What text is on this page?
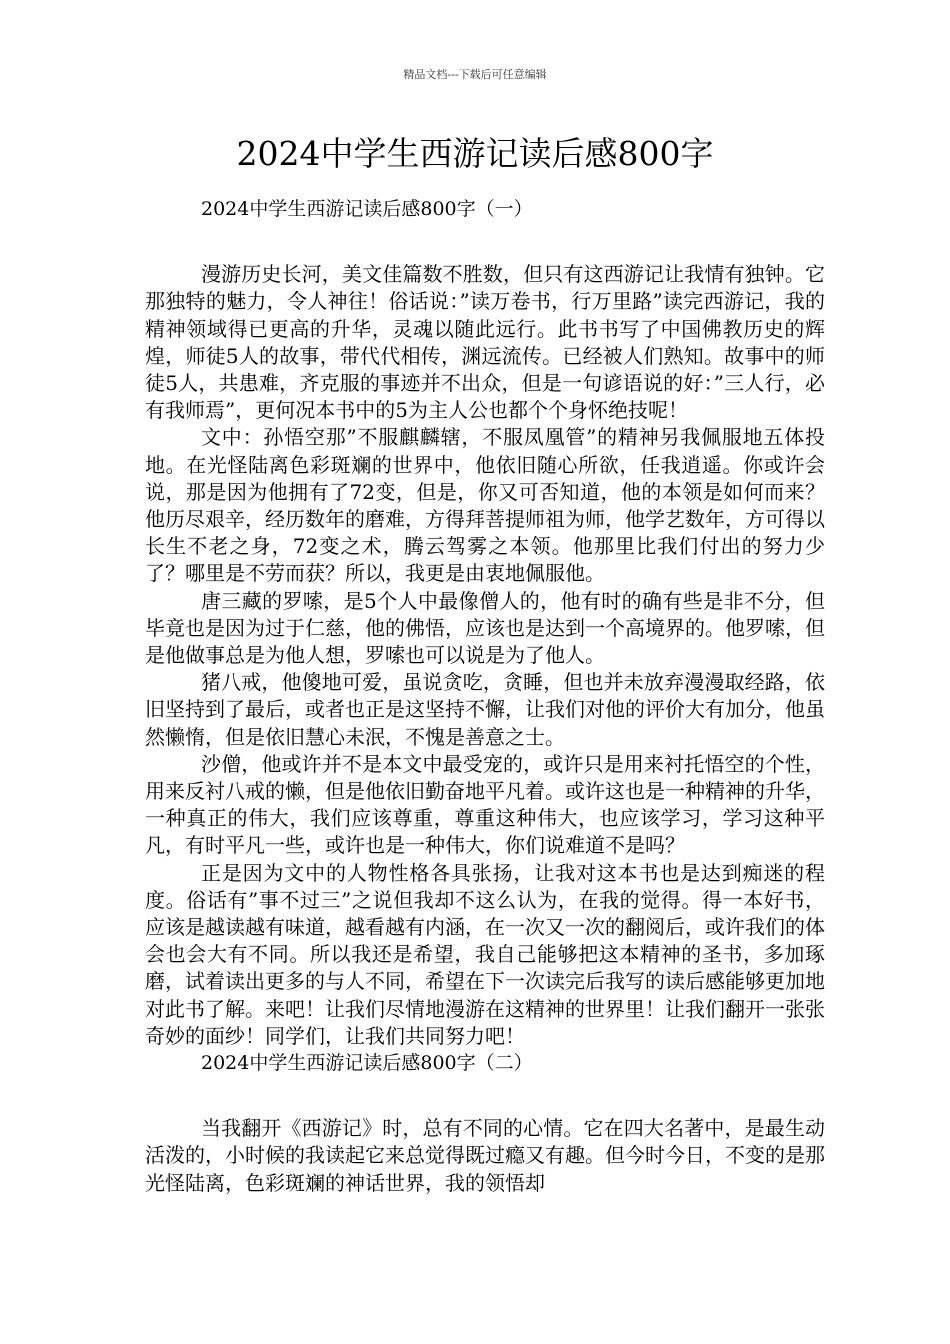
精品文档---下载后可任意编辑
2024中学生西游记读后感800字

2024中学生西游记读后感800字（一）

漫游历史长河，美文佳篇数不胜数，但只有这西游记让我情有独钟。它那独特的魅力，令人神往！俗话说：”读万卷书，行万里路”读完西游记，我的精神领域得已更高的升华，灵魂以随此远行。此书书写了中国佛教历史的辉煌，师徒5人的故事，带代代相传，渊远流传。已经被人们熟知。故事中的师徒5人，共患难，齐克服的事迹并不出众，但是一句谚语说的好：”三人行，必有我师焉”，更何况本书中的5为主人公也都个个身怀绝技呢！

文中：孙悟空那”不服麒麟辖，不服凤凰管”的精神另我佩服地五体投地。在光怪陆离色彩斑斓的世界中，他依旧随心所欲，任我逍遥。你或许会说，那是因为他拥有了72变，但是，你又可否知道，他的本领是如何而来？他历尽艰辛，经历数年的磨难，方得拜菩提师祖为师，他学艺数年，方可得以长生不老之身，72变之术，腾云驾雾之本领。他那里比我们付出的努力少了？哪里是不劳而获？所以，我更是由衷地佩服他。

唐三藏的罗嗦，是5个人中最像僧人的，他有时的确有些是非不分，但毕竟也是因为过于仁慈，他的佛悟，应该也是达到一个高境界的。他罗嗦，但是他做事总是为他人想，罗嗦也可以说是为了他人。

猪八戒，他傻地可爱，虽说贪吃，贪睡，但也并未放弃漫漫取经路，依旧坚持到了最后，或者也正是这坚持不懈，让我们对他的评价大有加分，他虽然懒惰，但是依旧慧心未泯，不愧是善意之士。

沙僧，他或许并不是本文中最受宠的，或许只是用来衬托悟空的个性，用来反衬八戒的懒，但是他依旧勤奋地平凡着。或许这也是一种精神的升华，一种真正的伟大，我们应该尊重，尊重这种伟大，也应该学习，学习这种平凡，有时平凡一些，或许也是一种伟大，你们说难道不是吗？

正是因为文中的人物性格各具张扬，让我对这本书也是达到痴迷的程度。俗话有”事不过三”之说但我却不这么认为，在我的觉得。得一本好书，应该是越读越有味道，越看越有内涵，在一次又一次的翻阅后，或许我们的体会也会大有不同。所以我还是希望，我自己能够把这本精神的圣书，多加琢磨，试着读出更多的与人不同，希望在下一次读完后我写的读后感能够更加地对此书了解。来吧！让我们尽情地漫游在这精神的世界里！让我们翻开一张张奇妙的面纱！同学们，让我们共同努力吧！

2024中学生西游记读后感800字（二）

当我翻开《西游记》时，总有不同的心情。它在四大名著中，是最生动活泼的，小时候的我读起它来总觉得既过瘾又有趣。但今时今日，不变的是那光怪陆离，色彩斑斓的神话世界，我的领悟却
